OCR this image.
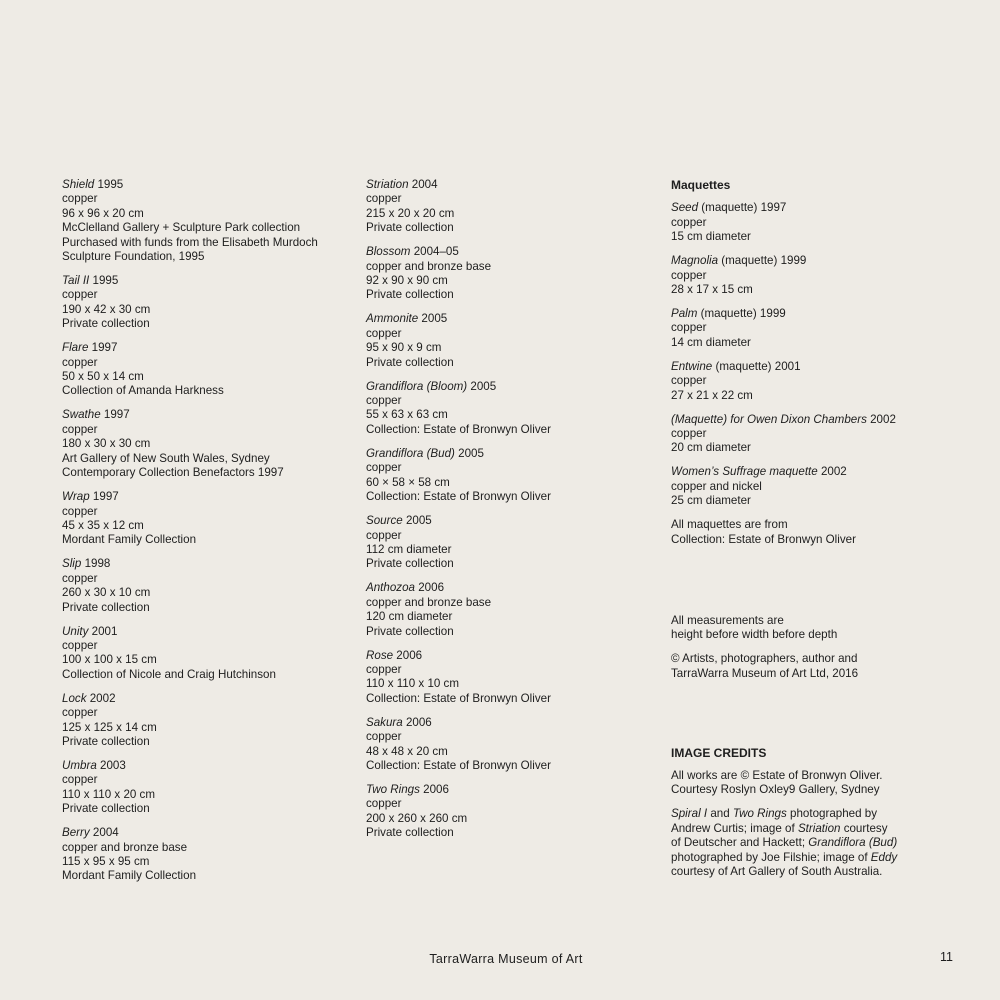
Shield 1995
copper
96 x 96 x 20 cm
McClelland Gallery + Sculpture Park collection
Purchased with funds from the Elisabeth Murdoch
Sculpture Foundation, 1995
Tail II 1995
copper
190 x 42 x 30 cm
Private collection
Flare 1997
copper
50 x 50 x 14 cm
Collection of Amanda Harkness
Swathe 1997
copper
180 x 30 x 30 cm
Art Gallery of New South Wales, Sydney
Contemporary Collection Benefactors 1997
Wrap 1997
copper
45 x 35 x 12 cm
Mordant Family Collection
Slip 1998
copper
260 x 30 x 10 cm
Private collection
Unity 2001
copper
100 x 100 x 15 cm
Collection of Nicole and Craig Hutchinson
Lock 2002
copper
125 x 125 x 14 cm
Private collection
Umbra 2003
copper
110 x 110 x 20 cm
Private collection
Berry 2004
copper and bronze base
115 x 95 x 95 cm
Mordant Family Collection
Striation 2004
copper
215 x 20 x 20 cm
Private collection
Blossom 2004–05
copper and bronze base
92 x 90 x 90 cm
Private collection
Ammonite 2005
copper
95 x 90 x 9 cm
Private collection
Grandiflora (Bloom) 2005
copper
55 x 63 x 63 cm
Collection: Estate of Bronwyn Oliver
Grandiflora (Bud) 2005
copper
60 × 58 × 58 cm
Collection: Estate of Bronwyn Oliver
Source 2005
copper
112 cm diameter
Private collection
Anthozoa 2006
copper and bronze base
120 cm diameter
Private collection
Rose 2006
copper
110 x 110 x 10 cm
Collection: Estate of Bronwyn Oliver
Sakura 2006
copper
48 x 48 x 20 cm
Collection: Estate of Bronwyn Oliver
Two Rings 2006
copper
200 x 260 x 260 cm
Private collection
Maquettes
Seed (maquette) 1997
copper
15 cm diameter
Magnolia (maquette) 1999
copper
28 x 17 x 15 cm
Palm (maquette) 1999
copper
14 cm diameter
Entwine (maquette) 2001
copper
27 x 21 x 22 cm
(Maquette) for Owen Dixon Chambers 2002
copper
20 cm diameter
Women’s Suffrage maquette 2002
copper and nickel
25 cm diameter
All maquettes are from
Collection: Estate of Bronwyn Oliver
All measurements are
height before width before depth
© Artists, photographers, author and
TarraWarra Museum of Art Ltd, 2016
IMAGE CREDITS
All works are © Estate of Bronwyn Oliver.
Courtesy Roslyn Oxley9 Gallery, Sydney
Spiral I and Two Rings photographed by
Andrew Curtis; image of Striation courtesy
of Deutscher and Hackett; Grandiflora (Bud)
photographed by Joe Filshie; image of Eddy
courtesy of Art Gallery of South Australia.
TarraWarra Museum of Art	11
